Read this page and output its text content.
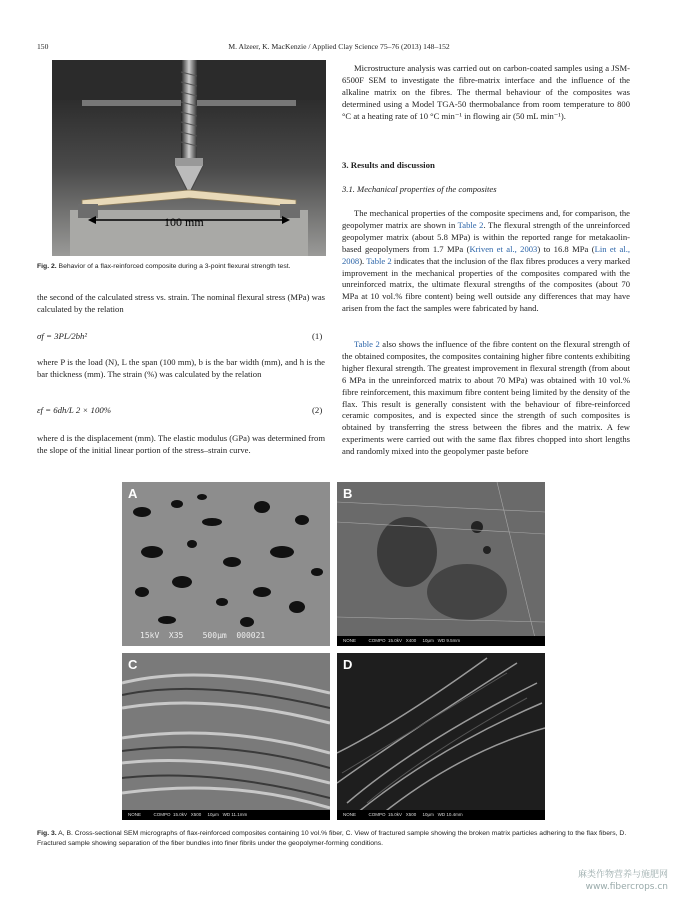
150	M. Alzeer, K. MacKenzie / Applied Clay Science 75–76 (2013) 148–152
100 mm
Fig. 2. Behavior of a flax-reinforced composite during a 3-point flexural strength test.
the second of the calculated stress vs. strain. The nominal flexural stress (MPa) was calculated by the relation
σf = 3PL/2bh²	(1)
where P is the load (N), L the span (100 mm), b is the bar width (mm), and h is the bar thickness (mm). The strain (%) was calculated by the relation
εf = 6dh/L 2 × 100%	(2)
where d is the displacement (mm). The elastic modulus (GPa) was determined from the slope of the initial linear portion of the stress–strain curve.

Microstructure analysis was carried out on carbon-coated samples using a JSM-6500F SEM to investigate the fibre-matrix interface and the influence of the alkaline matrix on the fibres. The thermal behaviour of the composites was determined using a Model TGA-50 thermobalance from room temperature to 800 °C at a heating rate of 10 °C min⁻¹ in flowing air (50 mL min⁻¹).

3. Results and discussion
3.1. Mechanical properties of the composites

The mechanical properties of the composite specimens and, for comparison, the geopolymer matrix are shown in Table 2. The flexural strength of the unreinforced geopolymer matrix (about 5.8 MPa) is within the reported range for metakaolin-based geopolymers from 1.7 MPa (Kriven et al., 2003) to 16.8 MPa (Lin et al., 2008). Table 2 indicates that the inclusion of the flax fibres produces a very marked improvement in the mechanical properties of the composites compared with the unreinforced matrix, the ultimate flexural strengths of the composites (about 70 MPa at 10 vol.% fibre content) being well outside any differences that may have arisen from the fact the samples were fabricated by hand.

Table 2 also shows the influence of the fibre content on the flexural strength of the obtained composites, the composites containing higher fibre contents exhibiting higher flexural strength. The greatest improvement in flexural strength (from about 6 MPa in the unreinforced matrix to about 70 MPa) was obtained with 10 vol.% fibre reinforcement, this maximum fibre content being limited by the density of the flax. This result is generally consistent with the behaviour of fibre-reinforced ceramic composites, and is expected since the strength of such composites is obtained by transferring the stress between the fibres and the matrix. A few experiments were carried out with the same flax fibres chopped into short lengths and randomly mixed into the geopolymer paste before

A
15kV  X35    500μm  000021
B
NONE          COMPO  15.0kV   X400     10μm   WD 9.5mm
C
NONE          COMPO  15.0kV   X500     10μm   WD 11.1mm
D
NONE          COMPO  15.0kV   X500     10μm   WD 10.4mm
Fig. 3. A, B. Cross-sectional SEM micrographs of flax-reinforced composites containing 10 vol.% fiber, C. View of fractured sample showing the broken matrix particles adhering to the flax fibers, D. Fractured sample showing separation of the fiber bundles into finer fibrils under the geopolymer-forming conditions.
麻类作物营养与施肥网
www.fibercrops.cn
